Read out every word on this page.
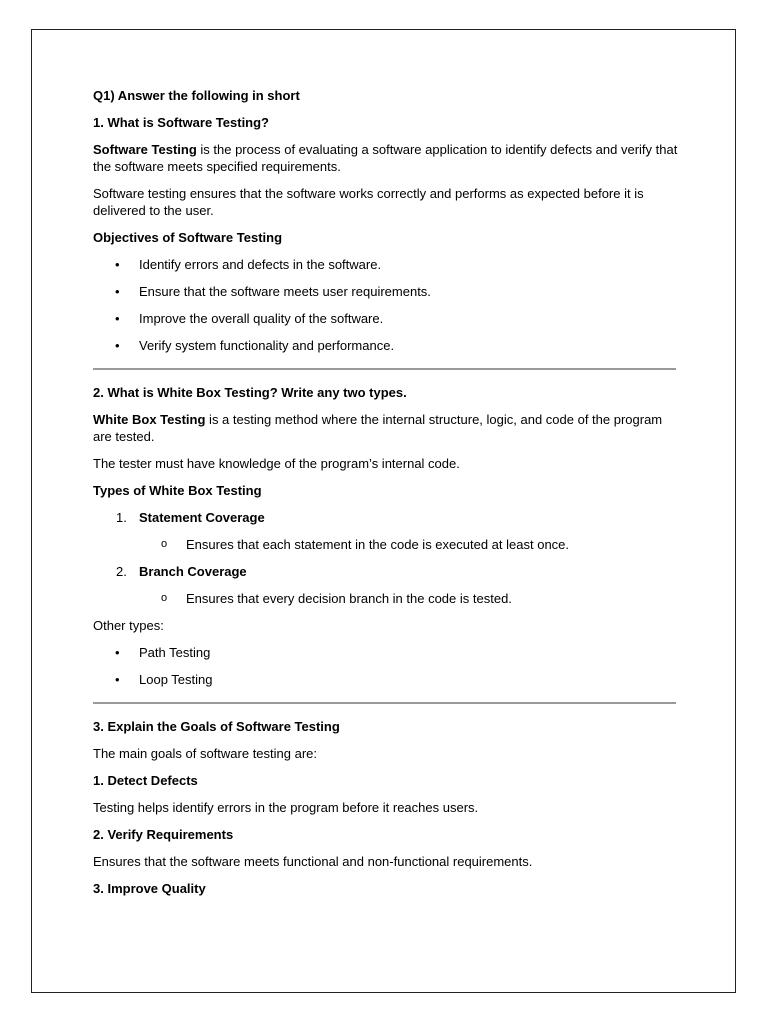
Q1) Answer the following in short

1. What is Software Testing?

Software Testing is the process of evaluating a software application to identify defects and verify that the software meets specified requirements.

Software testing ensures that the software works correctly and performs as expected before it is delivered to the user.

Objectives of Software Testing

• Identify errors and defects in the software.
• Ensure that the software meets user requirements.
• Improve the overall quality of the software.
• Verify system functionality and performance.

2. What is White Box Testing? Write any two types.

White Box Testing is a testing method where the internal structure, logic, and code of the program are tested.

The tester must have knowledge of the program’s internal code.

Types of White Box Testing

1. Statement Coverage
o Ensures that each statement in the code is executed at least once.
2. Branch Coverage
o Ensures that every decision branch in the code is tested.

Other types:

• Path Testing
• Loop Testing

3. Explain the Goals of Software Testing

The main goals of software testing are:

1. Detect Defects

Testing helps identify errors in the program before it reaches users.

2. Verify Requirements

Ensures that the software meets functional and non-functional requirements.

3. Improve Quality
